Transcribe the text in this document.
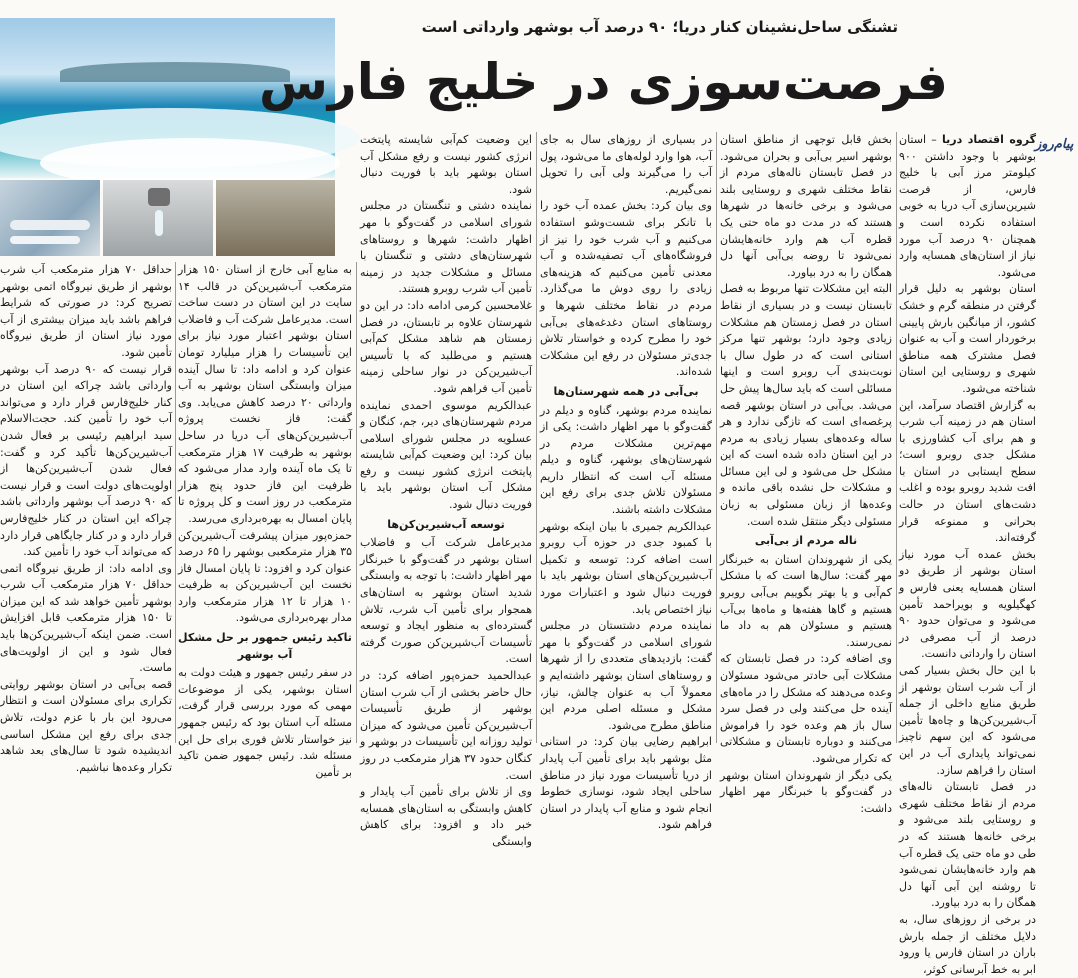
تشنگی ساحل‌نشینان کنار دریا؛ ۹۰ درصد آب بوشهر وارداتی است
فرصت‌سوزی در خلیج فارس
پیام‌روز

گروه اقتصاد دریا – استان بوشهر با وجود داشتن ۹۰۰ کیلومتر مرز آبی با خلیج فارس، از فرصت شیرین‌سازی آب دریا به خوبی استفاده نکرده است و همچنان ۹۰ درصد آب مورد نیاز از استان‌های همسایه وارد می‌شود.

استان بوشهر به دلیل قرار گرفتن در منطقه گرم و خشک کشور، از میانگین بارش پایینی برخوردار است و آب به عنوان فصل مشترک همه مناطق شهری و روستایی این استان شناخته می‌شود.

به گزارش اقتصاد سرآمد، این استان هم در زمینه آب شرب و هم برای آب کشاورزی با مشکل جدی روبرو است؛ سطح ایستابی در استان با افت شدید روبرو بوده و اغلب دشت‌های استان در حالت بحرانی و ممنوعه قرار گرفته‌اند.

بخش عمده آب مورد نیاز استان بوشهر از طریق دو استان همسایه یعنی فارس و کهگیلویه و بویراحمد تأمین می‌شود و می‌توان حدود ۹۰ درصد از آب مصرفی در استان را وارداتی دانست.

با این حال بخش بسیار کمی از آب شرب استان بوشهر از طریق منابع داخلی از جمله آب‌شیرین‌کن‌ها و چاه‌ها تأمین می‌شود که این سهم ناچیز نمی‌تواند پایداری آب در این استان را فراهم سازد.

در فصل تابستان ناله‌های مردم از نقاط مختلف شهری و روستایی بلند می‌شود و برخی خانه‌ها هستند که در طی دو ماه حتی یک قطره آب هم وارد خانه‌هایشان نمی‌شود تا روشنه این آبی آنها دل همگان را به درد بیاورد.

در برخی از روزهای سال، به دلایل مختلف از جمله بارش باران در استان فارس یا ورود ابر به خط آبرسانی کوثر،

بخش قابل توجهی از مناطق استان بوشهر اسیر بی‌آبی و بحران می‌شود. در فصل تابستان ناله‌های مردم از نقاط مختلف شهری و روستایی بلند می‌شود و برخی خانه‌ها در شهرها هستند که در مدت دو ماه حتی یک قطره آب هم وارد خانه‌هایشان نمی‌شود تا روضه بی‌آبی آنها دل همگان را به درد بیاورد.

البته این مشکلات تنها مربوط به فصل تابستان نیست و در بسیاری از نقاط استان در فصل زمستان هم مشکلات زیادی وجود دارد؛ بوشهر تنها مرکز استانی است که در طول سال با نوبت‌بندی آب روبرو است و اینها مسائلی است که باید سال‌ها پیش حل می‌شد. بی‌آبی در استان بوشهر قصه پرغصه‌ای است که تازگی ندارد و هر ساله وعده‌های بسیار زیادی به مردم در این استان داده شده است که این مشکل حل می‌شود و لی این مسائل و مشکلات حل نشده باقی مانده و وعده‌ها از زبان مسئولی به زبان مسئولی دیگر منتقل شده است.

ناله مردم از بی‌آبی

یکی از شهروندان استان به خبرنگار مهر گفت: سال‌ها است که با مشکل کم‌آبی و یا بهتر بگوییم بی‌آبی روبرو هستیم و گاها هفته‌ها و ماه‌ها بی‌آب هستیم و مسئولان هم به داد ما نمی‌رسند.

وی اضافه کرد: در فصل تابستان که مشکلات آبی حادتر می‌شود مسئولان وعده می‌دهند که مشکل را در ماه‌های آینده حل می‌کنند ولی در فصل سرد سال باز هم وعده خود را فراموش می‌کنند و دوباره تابستان و مشکلاتی که تکرار می‌شود.

یکی دیگر از شهروندان استان بوشهر در گفت‌وگو با خبرنگار مهر اظهار داشت:

در بسیاری از روزهای سال به جای آب، هوا وارد لوله‌های ما می‌شود، پول آب را می‌گیرند ولی آبی را تحویل نمی‌گیریم.

وی بیان کرد: بخش عمده آب خود را با تانکر برای شست‌وشو استفاده می‌کنیم و آب شرب خود را نیز از فروشگاه‌های آب تصفیه‌شده و آب معدنی تأمین می‌کنیم که هزینه‌های زیادی را روی دوش ما می‌گذارد. مردم در نقاط مختلف شهرها و روستاهای استان دغدغه‌های بی‌آبی خود را مطرح کرده و خواستار تلاش جدی‌تر مسئولان در رفع این مشکلات شده‌اند.

بی‌آبی در همه شهرستان‌ها

نماینده مردم بوشهر، گناوه و دیلم در گفت‌وگو با مهر اظهار داشت: یکی از مهم‌ترین مشکلات مردم در شهرستان‌های بوشهر، گناوه و دیلم مسئله آب است که انتظار داریم مسئولان تلاش جدی برای رفع این مشکلات داشته باشند.

عبدالکریم جمیری با بیان اینکه بوشهر با کمبود جدی در حوزه آب روبرو است اضافه کرد: توسعه و تکمیل آب‌شیرین‌کن‌های استان بوشهر باید با فوریت دنبال شود و اعتبارات مورد نیاز اختصاص یابد.

نماینده مردم دشتستان در مجلس شورای اسلامی در گفت‌وگو با مهر گفت: بازدیدهای متعددی را از شهرها و روستاهای استان بوشهر داشته‌ایم و معمولاً آب به عنوان چالش، نیاز، مشکل و مسئله اصلی مردم این مناطق مطرح می‌شود.

ابراهیم رضایی بیان کرد: در استانی مثل بوشهر باید برای تأمین آب پایدار از دریا تأسیسات مورد نیاز در مناطق ساحلی ایجاد شود، نوسازی خطوط انجام شود و منابع آب پایدار در استان فراهم شود.

این وضعیت کم‌آبی شایسته پایتخت انرژی کشور نیست و رفع مشکل آب استان بوشهر باید با فوریت دنبال شود.

نماینده دشتی و تنگستان در مجلس شورای اسلامی در گفت‌وگو با مهر اظهار داشت: شهرها و روستاهای شهرستان‌های دشتی و تنگستان با مسائل و مشکلات جدید در زمینه تأمین آب شرب روبرو هستند.

غلامحسین کرمی ادامه داد: در این دو شهرستان علاوه بر تابستان، در فصل زمستان هم شاهد مشکل کم‌آبی هستیم و می‌طلبد که با تأسیس آب‌شیرین‌کن در نوار ساحلی زمینه تأمین آب فراهم شود.

عبدالکریم موسوی احمدی نماینده مردم شهرستان‌های دیر، جم، کنگان و عسلویه در مجلس شورای اسلامی بیان کرد: این وضعیت کم‌آبی شایسته پایتخت انرژی کشور نیست و رفع مشکل آب استان بوشهر باید با فوریت دنبال شود.

توسعه آب‌شیرین‌کن‌ها

مدیرعامل شرکت آب و فاضلاب استان بوشهر در گفت‌وگو با خبرنگار مهر اظهار داشت: با توجه به وابستگی شدید استان بوشهر به استان‌های همجوار برای تأمین آب شرب، تلاش گسترده‌ای به منظور ایجاد و توسعه تأسیسات آب‌شیرین‌کن صورت گرفته است.

عبدالحمید حمزه‌پور اضافه کرد: در حال حاضر بخشی از آب شرب استان بوشهر از طریق تأسیسات آب‌شیرین‌کن تأمین می‌شود که میزان تولید روزانه این تأسیسات در بوشهر و کنگان حدود ۳۷ هزار مترمکعب در روز است.

وی از تلاش برای تأمین آب پایدار و کاهش وابستگی به استان‌های همسایه خبر داد و افزود: برای کاهش وابستگی

به منابع آبی خارج از استان ۱۵۰ هزار مترمکعب آب‌شیرین‌کن در قالب ۱۴ سایت در این استان در دست ساخت است. مدیرعامل شرکت آب و فاضلاب استان بوشهر اعتبار مورد نیاز برای این تأسیسات را هزار میلیارد تومان عنوان کرد و ادامه داد: تا سال آینده میزان وابستگی استان بوشهر به آب وارداتی ۲۰ درصد کاهش می‌یابد. وی گفت: فاز نخست پروژه آب‌شیرین‌کن‌های آب دریا در ساحل بوشهر به ظرفیت ۱۷ هزار مترمکعب تا یک ماه آینده وارد مدار می‌شود که ظرفیت این فاز حدود پنج هزار مترمکعب در روز است و کل پروژه تا پایان امسال به بهره‌برداری می‌رسد.

حمزه‌پور میزان پیشرفت آب‌شیرین‌کن ۳۵ هزار مترمکعبی بوشهر را ۶۵ درصد عنوان کرد و افزود: تا پایان امسال فاز نخست این آب‌شیرین‌کن به ظرفیت ۱۰ هزار تا ۱۲ هزار مترمکعب وارد مدار بهره‌برداری می‌شود.

تاکید رئیس جمهور بر حل مشکل آب بوشهر

در سفر رئیس جمهور و هیئت دولت به استان بوشهر، یکی از موضوعات مهمی که مورد بررسی قرار گرفت، مسئله آب استان بود که رئیس جمهور نیز خواستار تلاش فوری برای حل این مسئله شد. رئیس جمهور ضمن تاکید بر تأمین

حداقل ۷۰ هزار مترمکعب آب شرب بوشهر از طریق نیروگاه اتمی بوشهر تصریح کرد: در صورتی که شرایط فراهم باشد باید میزان بیشتری از آب مورد نیاز استان از طریق نیروگاه تأمین شود.

قرار نیست که ۹۰ درصد آب بوشهر وارداتی باشد چراکه این استان در کنار خلیج‌فارس قرار دارد و می‌تواند آب خود را تأمین کند. حجت‌الاسلام سید ابراهیم رئیسی بر فعال شدن آب‌شیرین‌کن‌ها تأکید کرد و گفت: فعال شدن آب‌شیرین‌کن‌ها از اولویت‌های دولت است و قرار نیست که ۹۰ درصد آب بوشهر وارداتی باشد چراکه این استان در کنار خلیج‌فارس قرار دارد و در کنار جایگاهی قرار دارد که می‌تواند آب خود را تأمین کند.

وی ادامه داد: از طریق نیروگاه اتمی حداقل ۷۰ هزار مترمکعب آب شرب بوشهر تأمین خواهد شد که این میزان تا ۱۵۰ هزار مترمکعب قابل افزایش است. ضمن اینکه آب‌شیرین‌کن‌ها باید فعال شود و این از اولویت‌های ماست.

قصه بی‌آبی در استان بوشهر روایتی تکراری برای مسئولان است و انتظار می‌رود این بار با عزم دولت، تلاش جدی برای رفع این مشکل اساسی اندیشیده شود تا سال‌های بعد شاهد تکرار وعده‌ها نباشیم.
